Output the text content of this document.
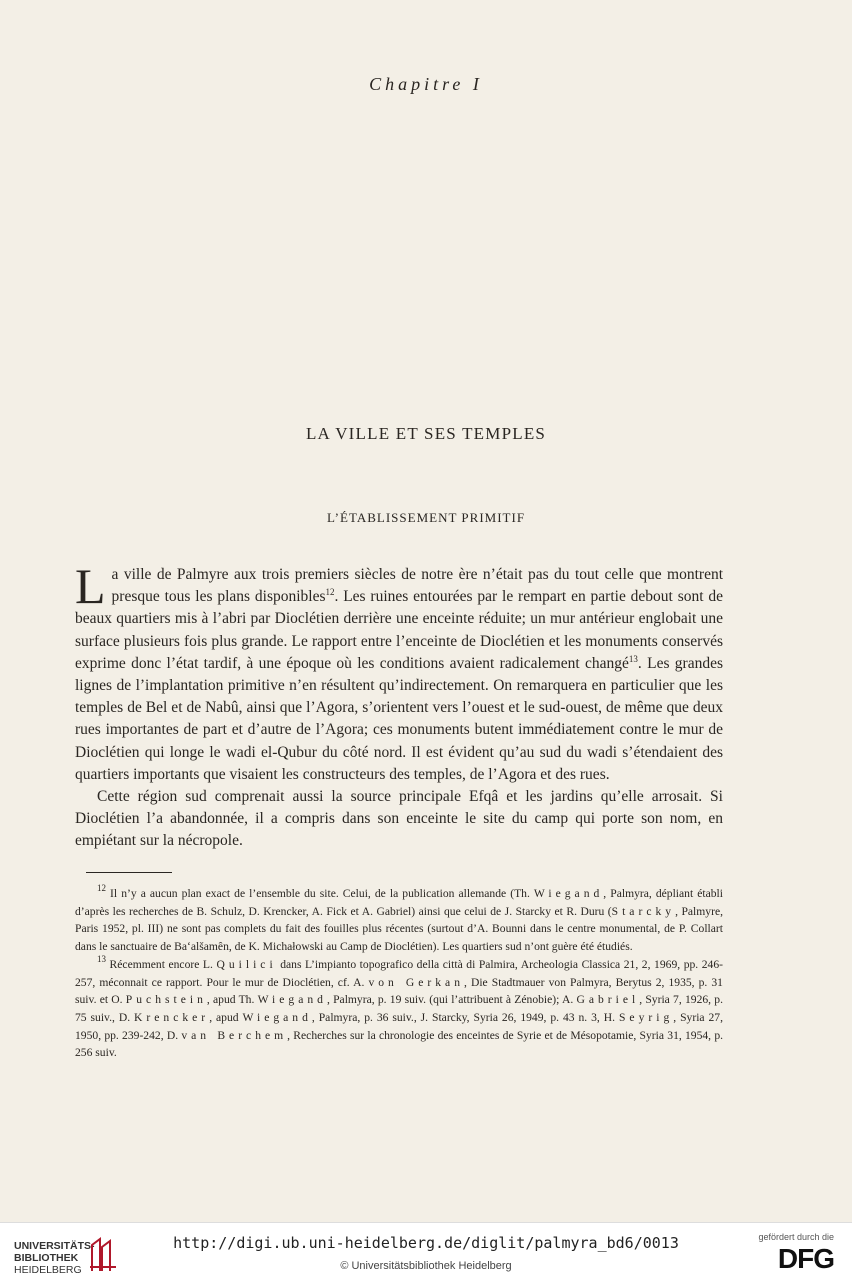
Chapitre I
LA VILLE ET SES TEMPLES
L’ÉTABLISSEMENT PRIMITIF

La ville de Palmyre aux trois premiers siècles de notre ère n’était pas du tout celle que montrent presque tous les plans disponibles$^{12}$. Les ruines entourées par le rempart en partie debout sont de beaux quartiers mis à l’abri par Dioclétien derrière une enceinte réduite; un mur antérieur englobait une surface plusieurs fois plus grande. Le rapport entre l’enceinte de Dioclétien et les monuments conservés exprime donc l’état tardif, à une époque où les conditions avaient radicalement changé$^{13}$. Les grandes lignes de l’implantation primitive n’en résultent qu’indirectement. On remarquera en particulier que les temples de Bel et de Nabû, ainsi que l’Agora, s’orientent vers l’ouest et le sud-ouest, de même que deux rues importantes de part et d’autre de l’Agora; ces monuments butent immédiatement contre le mur de Dioclétien qui longe le wadi el-Qubur du côté nord. Il est évident qu’au sud du wadi s’étendaient des quartiers importants que visaient les constructeurs des temples, de l’Agora et des rues.

Cette région sud comprenait aussi la source principale Efqâ et les jardins qu’elle arrosait. Si Dioclétien l’a abandonnée, il a compris dans son enceinte le site du camp qui porte son nom, en empiétant sur la nécropole.

$^{12}$ Il n’y a aucun plan exact de l’ensemble du site. Celui, de la publication allemande (Th. Wiegand, Palmyra, dépliant établi d’après les recherches de B. Schulz, D. Krencker, A. Fick et A. Gabriel) ainsi que celui de J. Starcky et R. Duru (Starcky, Palmyre, Paris 1952, pl. III) ne sont pas complets du fait des fouilles plus récentes (surtout d’A. Bounni dans le centre monumental, de P. Collart dans le sanctuaire de Ba‘alšamên, de K. Michałowski au Camp de Dioclétien). Les quartiers sud n’ont guère été étudiés.

$^{13}$ Récemment encore L. Quilici dans L’impianto topografico della città di Palmira, Archeologia Classica 21, 2, 1969, pp. 246-257, méconnait ce rapport. Pour le mur de Dioclétien, cf. A. von Gerkan, Die Stadtmauer von Palmyra, Berytus 2, 1935, p. 31 suiv. et O. Puchstein, apud Th. Wiegand, Palmyra, p. 19 suiv. (qui l’attribuent à Zénobie); A. Gabriel, Syria 7, 1926, p. 75 suiv., D. Krencker, apud Wiegand, Palmyra, p. 36 suiv., J. Starcky, Syria 26, 1949, p. 43 n. 3, H. Seyrig, Syria 27, 1950, pp. 239-242, D. van Berchem, Recherches sur la chronologie des enceintes de Syrie et de Mésopotamie, Syria 31, 1954, p. 256 suiv.

UNIVERSITÄTS-
BIBLIOTHEK
HEIDELBERG
http://digi.ub.uni-heidelberg.de/diglit/palmyra_bd6/0013
© Universitätsbibliothek Heidelberg
gefördert durch die
DFG
